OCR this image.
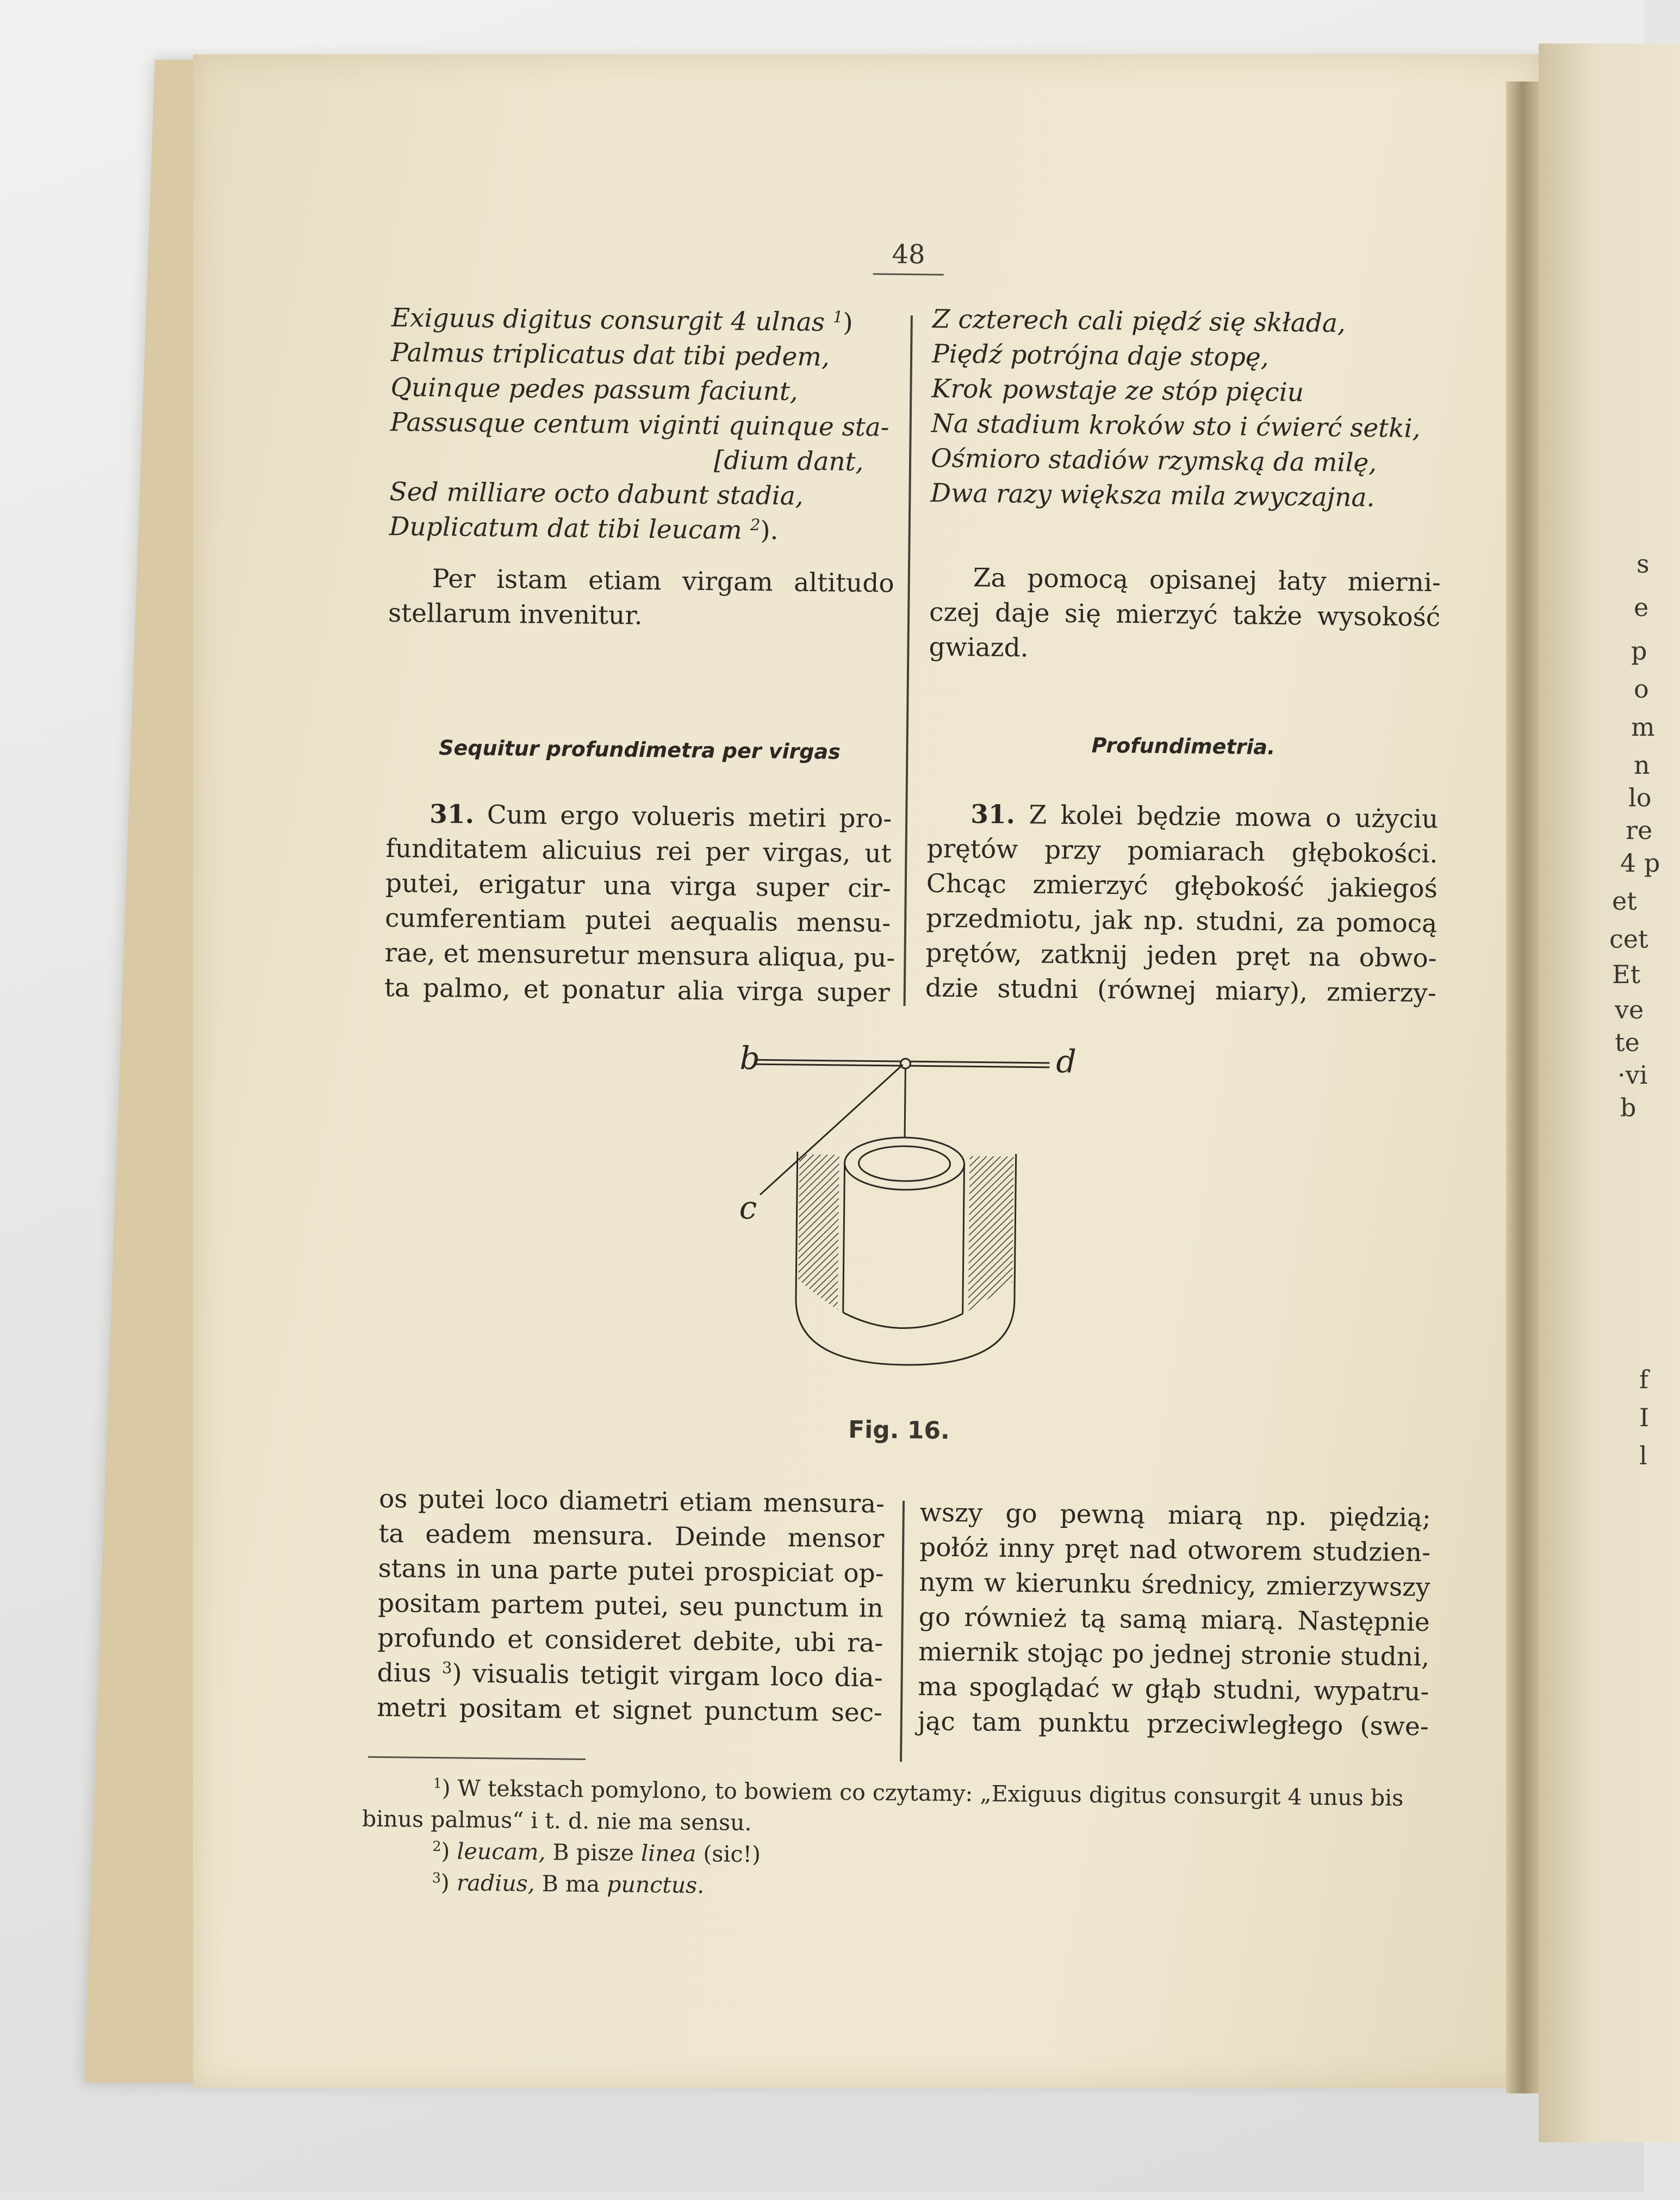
s
e
p
o
m
n
lo
re
4 p
et
cet
Et
ve
te
·vi
b
f
I
l
48
Exiguus digitus consurgit 4 ulnas $^1$)
Palmus triplicatus dat tibi pedem,
Quinque pedes passum faciunt,
Passusque centum viginti quinque sta-
[dium dant,
Sed milliare octo dabunt stadia,
Duplicatum dat tibi leucam $^2$).
Z czterech cali piędź się składa,
Piędź potrójna daje stopę,
Krok powstaje ze stóp pięciu
Na stadium kroków sto i ćwierć setki,
Ośmioro stadiów rzymską da milę,
Dwa razy większa mila zwyczajna.
Per istam etiam virgam altitudo
stellarum invenitur.
Za pomocą opisanej łaty mierni-
czej daje się mierzyć także wysokość
gwiazd.
Sequitur profundimetra per virgas	Profundimetria.
31. Cum ergo volueris metiri pro-
funditatem alicuius rei per virgas, ut
putei, erigatur una virga super cir-
cumferentiam putei aequalis mensu-
rae, et mensuretur mensura aliqua, pu-
ta palmo, et ponatur alia virga super
31. Z kolei będzie mowa o użyciu
prętów przy pomiarach głębokości.
Chcąc zmierzyć głębokość jakiegoś
przedmiotu, jak np. studni, za pomocą
prętów, zatknij jeden pręt na obwo-
dzie studni (równej miary), zmierzy-
b	d
c
Fig. 16.
os putei loco diametri etiam mensura-
ta eadem mensura. Deinde mensor
stans in una parte putei prospiciat op-
positam partem putei, seu punctum in
profundo et consideret debite, ubi ra-
dius $^3$) visualis tetigit virgam loco dia-
metri positam et signet punctum sec-
wszy go pewną miarą np. piędzią;
połóż inny pręt nad otworem studzien-
nym w kierunku średnicy, zmierzywszy
go również tą samą miarą. Następnie
miernik stojąc po jednej stronie studni,
ma spoglądać w głąb studni, wypatru-
jąc tam punktu przeciwległego (swe-
$^1$) W tekstach pomylono, to bowiem co czytamy: „Exiguus digitus consurgit 4 unus bis
binus palmus“ i t. d. nie ma sensu.
$^2$) leucam, B pisze linea (sic!)
$^3$) radius, B ma punctus.
